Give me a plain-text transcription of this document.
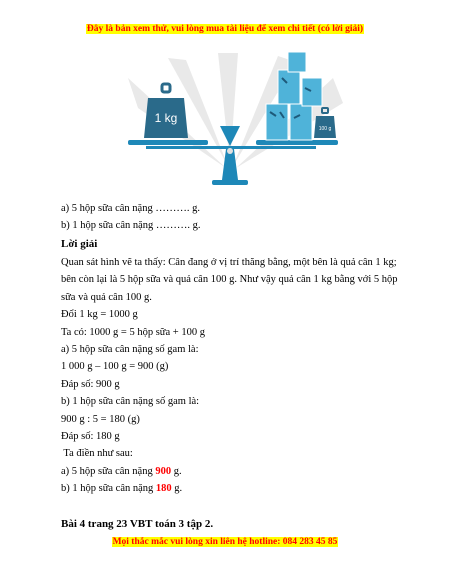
Đây là bản xem thử, vui lòng mua tài liệu để xem chi tiết (có lời giải)
1 kg
100 g
a) 5 hộp sữa cân nặng ………. g.
b) 1 hộp sữa cân nặng ………. g.
Lời giải
Quan sát hình vẽ ta thấy: Cân đang ở vị trí thăng bằng, một bên là quả cân 1 kg;
bên còn lại là 5 hộp sữa và quả cân 100 g. Như vậy quả cân 1 kg bằng với 5 hộp
sữa và quả cân 100 g.
Đổi 1 kg = 1000 g
Ta có: 1000 g = 5 hộp sữa + 100 g
a) 5 hộp sữa cân nặng số gam là:
1 000 g – 100 g = 900 (g)
Đáp số: 900 g
b) 1 hộp sữa cân nặng số gam là:
900 g : 5 = 180 (g)
Đáp số: 180 g
Ta điền như sau:
a) 5 hộp sữa cân nặng 900 g.
b) 1 hộp sữa cân nặng 180 g.
Bài 4 trang 23 VBT toán 3 tập 2.
Mọi thắc mắc vui lòng xin liên hệ hotline: 084 283 45 85
